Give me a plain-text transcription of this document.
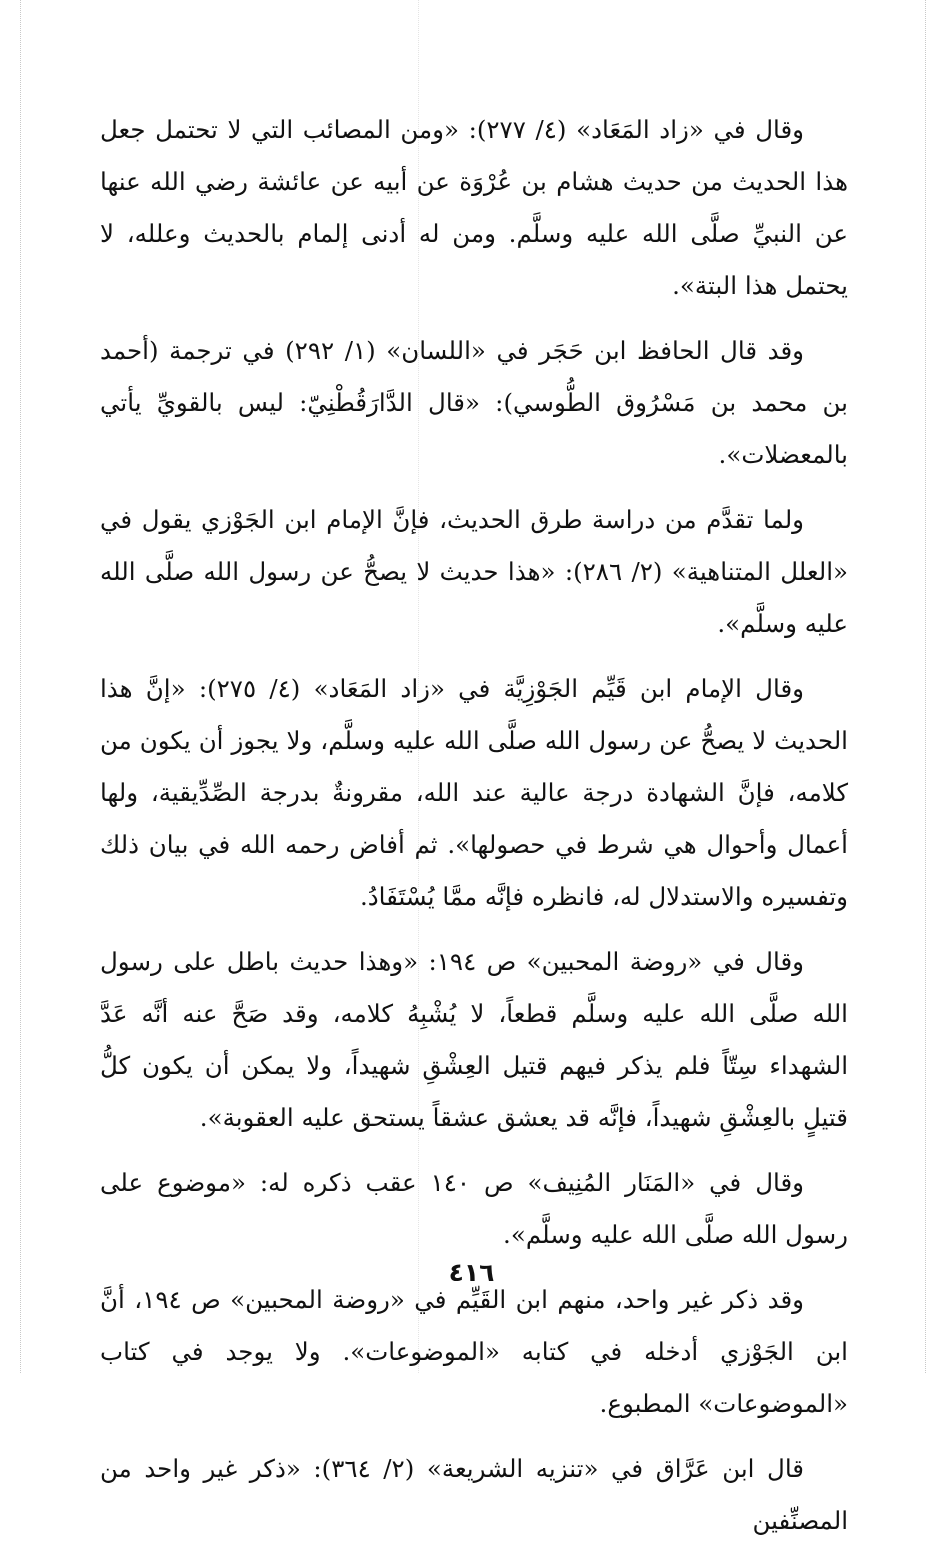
وقال في «زاد المَعَاد» (٤/ ٢٧٧): «ومن المصائب التي لا تحتمل جعل هذا الحديث من حديث هشام بن عُرْوَة عن أبيه عن عائشة رضي الله عنها عن النبيِّ صلَّى الله عليه وسلَّم. ومن له أدنى إلمام بالحديث وعلله، لا يحتمل هذا البتة».

وقد قال الحافظ ابن حَجَر في «اللسان» (١/ ٢٩٢) في ترجمة (أحمد بن محمد بن مَسْرُوق الطُّوسي): «قال الدَّارَقُطْنِيّ: ليس بالقويِّ يأتي بالمعضلات».

ولما تقدَّم من دراسة طرق الحديث، فإنَّ الإمام ابن الجَوْزي يقول في «العلل المتناهية» (٢/ ٢٨٦): «هذا حديث لا يصحُّ عن رسول الله صلَّى الله عليه وسلَّم».

وقال الإمام ابن قَيِّم الجَوْزِيَّة في «زاد المَعَاد» (٤/ ٢٧٥): «إنَّ هذا الحديث لا يصحُّ عن رسول الله صلَّى الله عليه وسلَّم، ولا يجوز أن يكون من كلامه، فإنَّ الشهادة درجة عالية عند الله، مقرونةٌ بدرجة الصِّدِّيقية، ولها أعمال وأحوال هي شرط في حصولها». ثم أفاض رحمه الله في بيان ذلك وتفسيره والاستدلال له، فانظره فإنَّه ممَّا يُسْتَفَادُ.

وقال في «روضة المحبين» ص ١٩٤: «وهذا حديث باطل على رسول الله صلَّى الله عليه وسلَّم قطعاً، لا يُشْبِهُ كلامه، وقد صَحَّ عنه أنَّه عَدَّ الشهداء سِتّاً فلم يذكر فيهم قتيل العِشْقِ شهيداً، ولا يمكن أن يكون كلُّ قتيلٍ بالعِشْقِ شهيداً، فإنَّه قد يعشق عشقاً يستحق عليه العقوبة».

وقال في «المَنَار المُنِيف» ص ١٤٠ عقب ذكره له: «موضوع على رسول الله صلَّى الله عليه وسلَّم».

وقد ذكر غير واحد، منهم ابن القَيِّم في «روضة المحبين» ص ١٩٤، أنَّ ابن الجَوْزي أدخله في كتابه «الموضوعات». ولا يوجد في كتاب «الموضوعات» المطبوع.

قال ابن عَرَّاق في «تنزيه الشريعة» (٢/ ٣٦٤): «ذكر غير واحد من المصنِّفين

٤١٦
